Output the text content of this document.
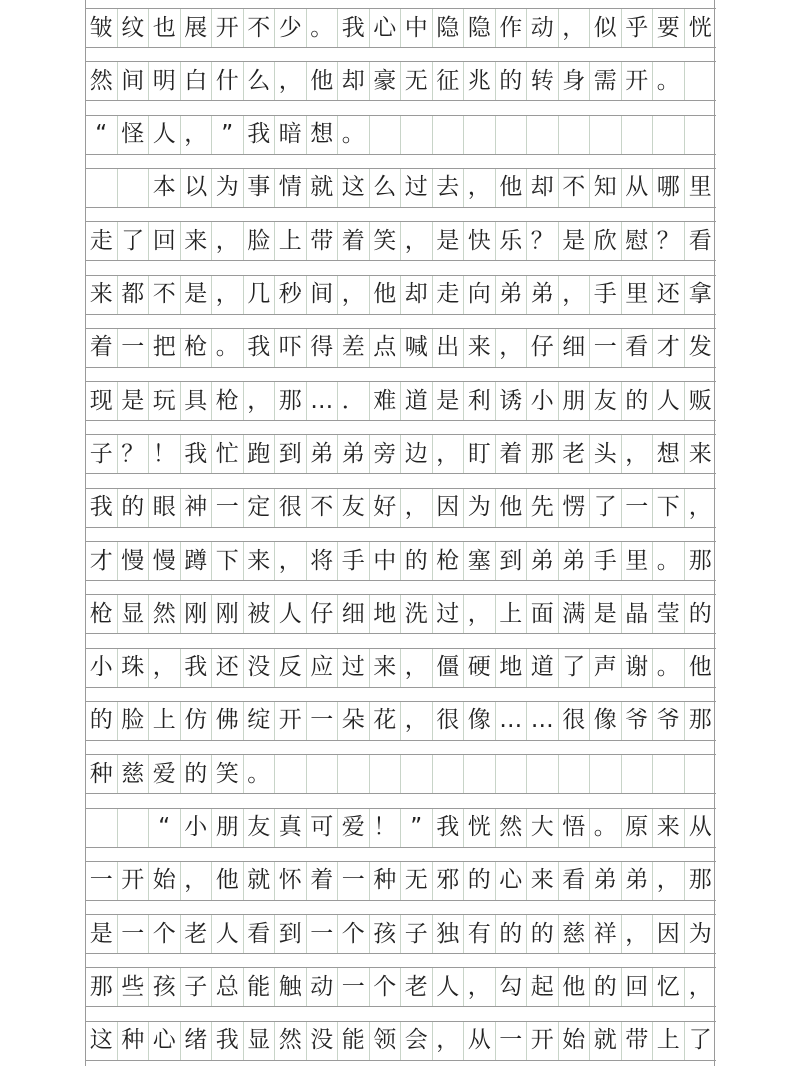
皱 纹 也 展 开 不 少 。 我 心 中 隐 隐 作 动 ， 似 乎 要 恍
然 间 明 白 什 么 ， 他 却 豪 无 征 兆 的 转 身 需 开 。
“ 怪 人 ， ” 我 暗 想 。
本 以 为 事 情 就 这 么 过 去 ， 他 却 不 知 从 哪 里
走 了 回 来 ， 脸 上 带 着 笑 ， 是 快 乐 ？ 是 欣 慰 ？ 看
来 都 不 是 ， 几 秒 间 ， 他 却 走 向 弟 弟 ， 手 里 还 拿
着 一 把 枪 。 我 吓 得 差 点 喊 出 来 ， 仔 细 一 看 才 发
现 是 玩 具 枪 ， 那 … ． 难 道 是 利 诱 小 朋 友 的 人 贩
子 ？ ！ 我 忙 跑 到 弟 弟 旁 边 ， 盯 着 那 老 头 ， 想 来
我 的 眼 神 一 定 很 不 友 好 ， 因 为 他 先 愣 了 一 下 ，
才 慢 慢 蹲 下 来 ， 将 手 中 的 枪 塞 到 弟 弟 手 里 。 那
枪 显 然 刚 刚 被 人 仔 细 地 洗 过 ， 上 面 满 是 晶 莹 的
小 珠 ， 我 还 没 反 应 过 来 ， 僵 硬 地 道 了 声 谢 。 他
的 脸 上 仿 佛 绽 开 一 朵 花 ， 很 像 … … 很 像 爷 爷 那
种 慈 爱 的 笑 。
“ 小 朋 友 真 可 爱 ！ ” 我 恍 然 大 悟 。 原 来 从
一 开 始 ， 他 就 怀 着 一 种 无 邪 的 心 来 看 弟 弟 ， 那
是 一 个 老 人 看 到 一 个 孩 子 独 有 的 的 慈 祥 ， 因 为
那 些 孩 子 总 能 触 动 一 个 老 人 ， 勾 起 他 的 回 忆 ，
这 种 心 绪 我 显 然 没 能 领 会 ， 从 一 开 始 就 带 上 了
